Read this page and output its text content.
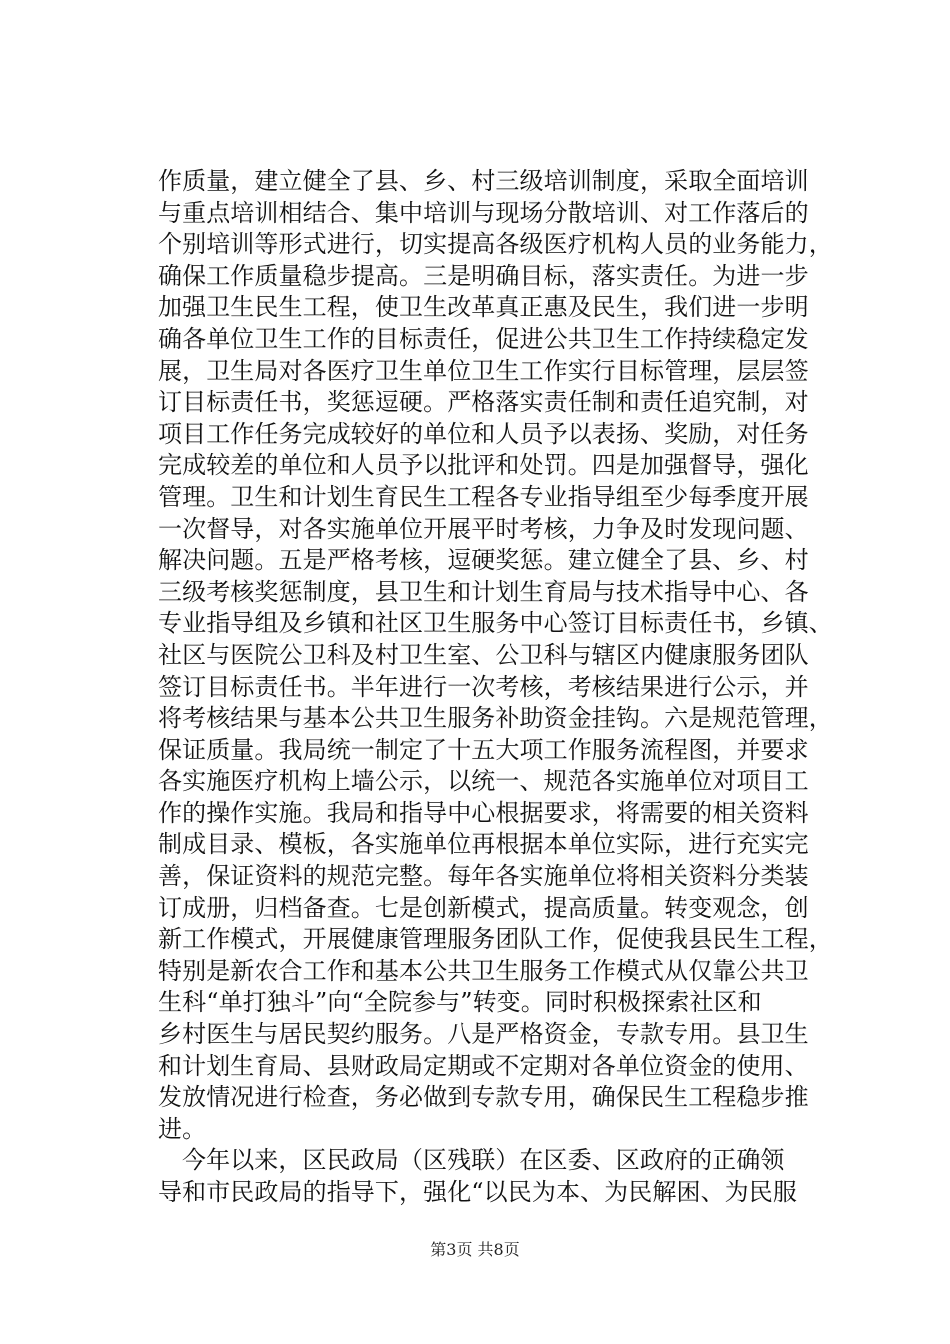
作质量，建立健全了县、乡、村三级培训制度，采取全面培训
与重点培训相结合、集中培训与现场分散培训、对工作落后的
个别培训等形式进行，切实提高各级医疗机构人员的业务能力，
确保工作质量稳步提高。三是明确目标，落实责任。为进一步
加强卫生民生工程，使卫生改革真正惠及民生，我们进一步明
确各单位卫生工作的目标责任，促进公共卫生工作持续稳定发
展，卫生局对各医疗卫生单位卫生工作实行目标管理，层层签
订目标责任书，奖惩逗硬。严格落实责任制和责任追究制，对
项目工作任务完成较好的单位和人员予以表扬、奖励，对任务
完成较差的单位和人员予以批评和处罚。四是加强督导，强化
管理。卫生和计划生育民生工程各专业指导组至少每季度开展
一次督导，对各实施单位开展平时考核，力争及时发现问题、
解决问题。五是严格考核，逗硬奖惩。建立健全了县、乡、村
三级考核奖惩制度，县卫生和计划生育局与技术指导中心、各
专业指导组及乡镇和社区卫生服务中心签订目标责任书，乡镇、
社区与医院公卫科及村卫生室、公卫科与辖区内健康服务团队
签订目标责任书。半年进行一次考核，考核结果进行公示，并
将考核结果与基本公共卫生服务补助资金挂钩。六是规范管理，
保证质量。我局统一制定了十五大项工作服务流程图，并要求
各实施医疗机构上墙公示，以统一、规范各实施单位对项目工
作的操作实施。我局和指导中心根据要求，将需要的相关资料
制成目录、模板，各实施单位再根据本单位实际，进行充实完
善，保证资料的规范完整。每年各实施单位将相关资料分类装
订成册，归档备查。七是创新模式，提高质量。转变观念，创
新工作模式，开展健康管理服务团队工作，促使我县民生工程，
特别是新农合工作和基本公共卫生服务工作模式从仅靠公共卫
生科“单打独斗”向“全院参与”转变。同时积极探索社区和
乡村医生与居民契约服务。八是严格资金，专款专用。县卫生
和计划生育局、县财政局定期或不定期对各单位资金的使用、
发放情况进行检查，务必做到专款专用，确保民生工程稳步推
进。
今年以来，区民政局（区残联）在区委、区政府的正确领
导和市民政局的指导下，强化“以民为本、为民解困、为民服
第3页 共8页
